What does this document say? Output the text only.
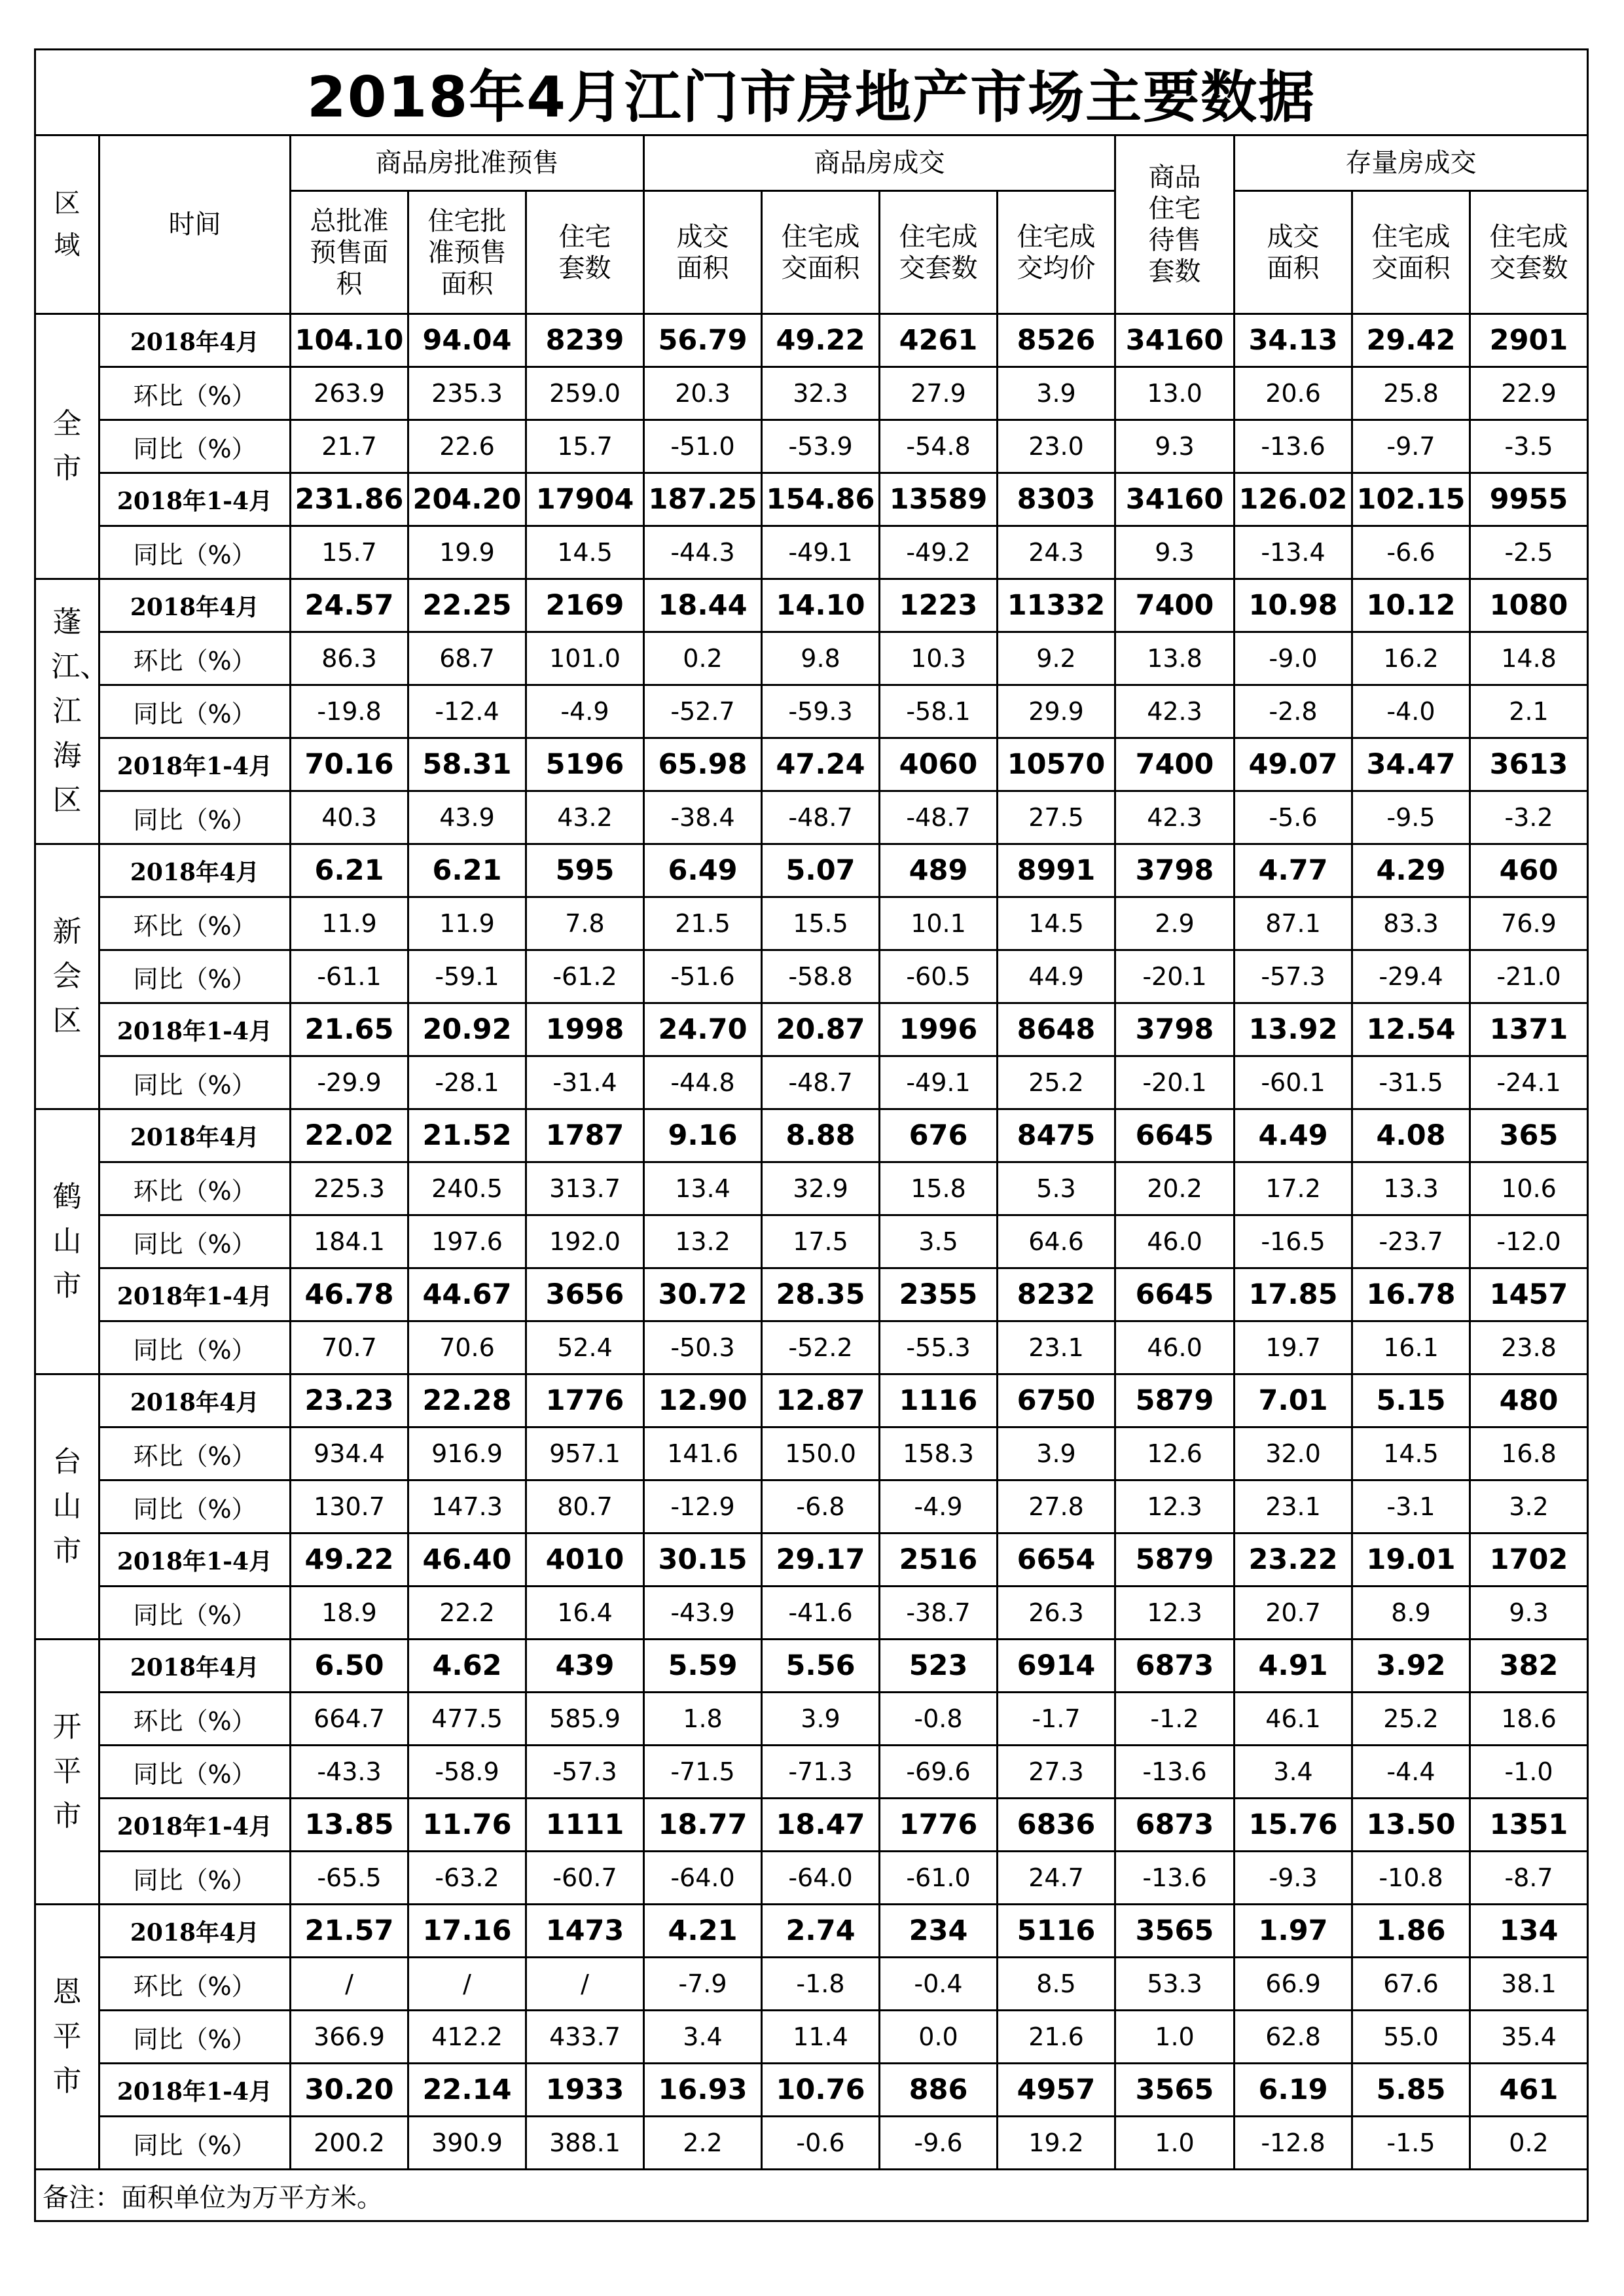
2018年4月江门市房地产市场主要数据												
区域	时间	商品房批准预售			商品房成交				商品住宅待售套数	存量房成交		
		总批准预售面积	住宅批准预售面积	住宅套数	成交面积	住宅成交面积	住宅成交套数	住宅成交均价		成交面积	住宅成交面积	住宅成交套数
全市	2018年4月	104.10	94.04	8239	56.79	49.22	4261	8526	34160	34.13	29.42	2901
	环比（%）	263.9	235.3	259.0	20.3	32.3	27.9	3.9	13.0	20.6	25.8	22.9
	同比（%）	21.7	22.6	15.7	-51.0	-53.9	-54.8	23.0	9.3	-13.6	-9.7	-3.5
	2018年1-4月	231.86	204.20	17904	187.25	154.86	13589	8303	34160	126.02	102.15	9955
	同比（%）	15.7	19.9	14.5	-44.3	-49.1	-49.2	24.3	9.3	-13.4	-6.6	-2.5
蓬江、江海区	2018年4月	24.57	22.25	2169	18.44	14.10	1223	11332	7400	10.98	10.12	1080
	环比（%）	86.3	68.7	101.0	0.2	9.8	10.3	9.2	13.8	-9.0	16.2	14.8
	同比（%）	-19.8	-12.4	-4.9	-52.7	-59.3	-58.1	29.9	42.3	-2.8	-4.0	2.1
	2018年1-4月	70.16	58.31	5196	65.98	47.24	4060	10570	7400	49.07	34.47	3613
	同比（%）	40.3	43.9	43.2	-38.4	-48.7	-48.7	27.5	42.3	-5.6	-9.5	-3.2
新会区	2018年4月	6.21	6.21	595	6.49	5.07	489	8991	3798	4.77	4.29	460
	环比（%）	11.9	11.9	7.8	21.5	15.5	10.1	14.5	2.9	87.1	83.3	76.9
	同比（%）	-61.1	-59.1	-61.2	-51.6	-58.8	-60.5	44.9	-20.1	-57.3	-29.4	-21.0
	2018年1-4月	21.65	20.92	1998	24.70	20.87	1996	8648	3798	13.92	12.54	1371
	同比（%）	-29.9	-28.1	-31.4	-44.8	-48.7	-49.1	25.2	-20.1	-60.1	-31.5	-24.1
鹤山市	2018年4月	22.02	21.52	1787	9.16	8.88	676	8475	6645	4.49	4.08	365
	环比（%）	225.3	240.5	313.7	13.4	32.9	15.8	5.3	20.2	17.2	13.3	10.6
	同比（%）	184.1	197.6	192.0	13.2	17.5	3.5	64.6	46.0	-16.5	-23.7	-12.0
	2018年1-4月	46.78	44.67	3656	30.72	28.35	2355	8232	6645	17.85	16.78	1457
	同比（%）	70.7	70.6	52.4	-50.3	-52.2	-55.3	23.1	46.0	19.7	16.1	23.8
台山市	2018年4月	23.23	22.28	1776	12.90	12.87	1116	6750	5879	7.01	5.15	480
	环比（%）	934.4	916.9	957.1	141.6	150.0	158.3	3.9	12.6	32.0	14.5	16.8
	同比（%）	130.7	147.3	80.7	-12.9	-6.8	-4.9	27.8	12.3	23.1	-3.1	3.2
	2018年1-4月	49.22	46.40	4010	30.15	29.17	2516	6654	5879	23.22	19.01	1702
	同比（%）	18.9	22.2	16.4	-43.9	-41.6	-38.7	26.3	12.3	20.7	8.9	9.3
开平市	2018年4月	6.50	4.62	439	5.59	5.56	523	6914	6873	4.91	3.92	382
	环比（%）	664.7	477.5	585.9	1.8	3.9	-0.8	-1.7	-1.2	46.1	25.2	18.6
	同比（%）	-43.3	-58.9	-57.3	-71.5	-71.3	-69.6	27.3	-13.6	3.4	-4.4	-1.0
	2018年1-4月	13.85	11.76	1111	18.77	18.47	1776	6836	6873	15.76	13.50	1351
	同比（%）	-65.5	-63.2	-60.7	-64.0	-64.0	-61.0	24.7	-13.6	-9.3	-10.8	-8.7
恩平市	2018年4月	21.57	17.16	1473	4.21	2.74	234	5116	3565	1.97	1.86	134
	环比（%）	/	/	/	-7.9	-1.8	-0.4	8.5	53.3	66.9	67.6	38.1
	同比（%）	366.9	412.2	433.7	3.4	11.4	0.0	21.6	1.0	62.8	55.0	35.4
	2018年1-4月	30.20	22.14	1933	16.93	10.76	886	4957	3565	6.19	5.85	461
	同比（%）	200.2	390.9	388.1	2.2	-0.6	-9.6	19.2	1.0	-12.8	-1.5	0.2
备注：面积单位为万平方米。												
